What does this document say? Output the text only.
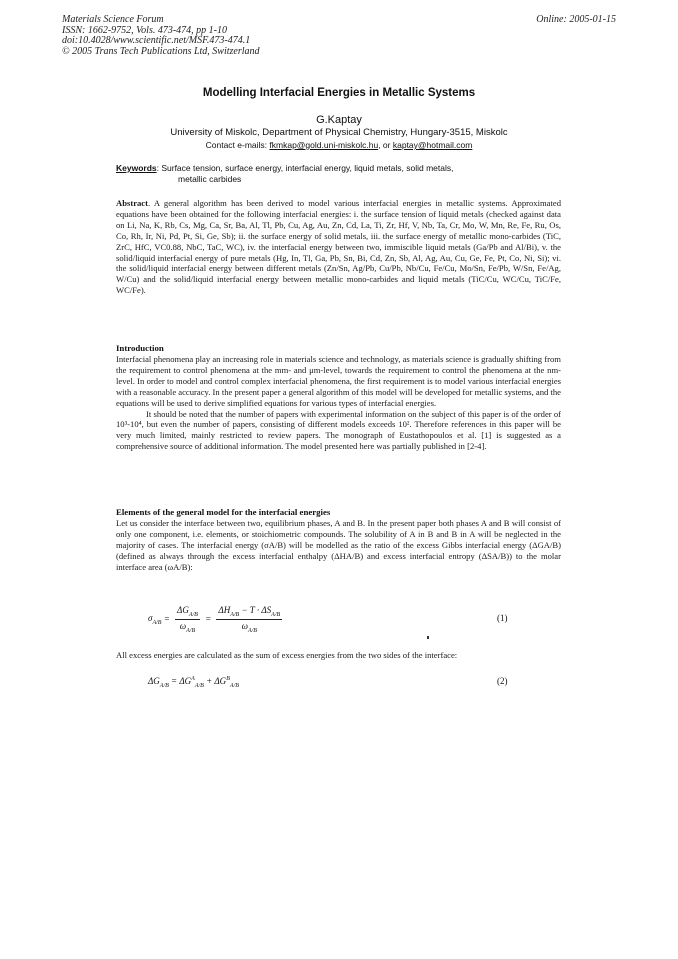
Materials Science Forum
ISSN: 1662-9752, Vols. 473-474, pp 1-10
doi:10.4028/www.scientific.net/MSF.473-474.1
© 2005 Trans Tech Publications Ltd, Switzerland
Online: 2005-01-15
Modelling Interfacial Energies in Metallic Systems
G.Kaptay
University of Miskolc, Department of Physical Chemistry, Hungary-3515, Miskolc
Contact e-mails: fkmkap@gold.uni-miskolc.hu, or kaptay@hotmail.com
Keywords: Surface tension, surface energy, interfacial energy, liquid metals, solid metals,
metallic carbides
Abstract. A general algorithm has been derived to model various interfacial energies in metallic systems. Approximated equations have been obtained for the following interfacial energies: i. the surface tension of liquid metals (checked against data on Li, Na, K, Rb, Cs, Mg, Ca, Sr, Ba, Al, Tl, Pb, Cu, Ag, Au, Zn, Cd, La, Ti, Zr, Hf, V, Nb, Ta, Cr, Mo, W, Mn, Re, Fe, Ru, Os, Co, Rh, Ir, Ni, Pd, Pt, Si, Ge, Sb); ii. the surface energy of solid metals, iii. the surface energy of metallic mono-carbides (TiC, ZrC, HfC, VC0.88, NbC, TaC, WC), iv. the interfacial energy between two, immiscible liquid metals (Ga/Pb and Al/Bi), v. the solid/liquid interfacial energy of pure metals (Hg, In, Tl, Ga, Pb, Sn, Bi, Cd, Zn, Sb, Al, Ag, Au, Cu, Ge, Fe, Pt, Co, Ni, Si); vi. the solid/liquid interfacial energy between different metals (Zn/Sn, Ag/Pb, Cu/Pb, Nb/Cu, Fe/Cu, Mo/Sn, Fe/Pb, W/Sn, Fe/Ag, W/Cu) and the solid/liquid interfacial energy between metallic mono-carbides and liquid metals (TiC/Cu, WC/Cu, TiC/Fe, WC/Fe).
Introduction

Interfacial phenomena play an increasing role in materials science and technology, as materials science is gradually shifting from the requirement to control phenomena at the mm- and μm-level, towards the requirement to control the phenomena at the nm-level. In order to model and control complex interfacial phenomena, the first requirement is to model various interfacial energies with a reasonable accuracy. In the present paper a general algorithm of this model will be developed for metallic systems, and the equations will be used to derive simplified equations for various types of interfacial energies.

It should be noted that the number of papers with experimental information on the subject of this paper is of the order of 10³-10⁴, but even the number of papers, consisting of different models exceeds 10². Therefore references in this paper will be very much limited, mainly restricted to review papers. The monograph of Eustathopoulos et al. [1] is suggested as a comprehensive source of additional information. The model presented here was partially published in [2-4].

Elements of the general model for the interfacial energies
Let us consider the interface between two, equilibrium phases, A and B. In the present paper both phases A and B will consist of only one component, i.e. elements, or stoichiometric compounds. The solubility of A in B and B in A will be neglected in the majority of cases. The interfacial energy (σA/B) will be modelled as the ratio of the excess Gibbs interfacial energy (ΔGA/B) (defined as always through the excess interfacial enthalpy (ΔHA/B) and excess interfacial entropy (ΔSA/B)) to the molar interface area (ωA/B):
$\sigma_{A/B} = \frac{\Delta G_{A/B}}{\omega_{A/B}} = \frac{\Delta H_{A/B} - T \cdot \Delta S_{A/B}}{\omega_{A/B}}$	(1)
All excess energies are calculated as the sum of excess energies from the two sides of the interface:
$\Delta G_{A/B} = \Delta G^A_{A/B} + \Delta G^B_{A/B}$	(2)
